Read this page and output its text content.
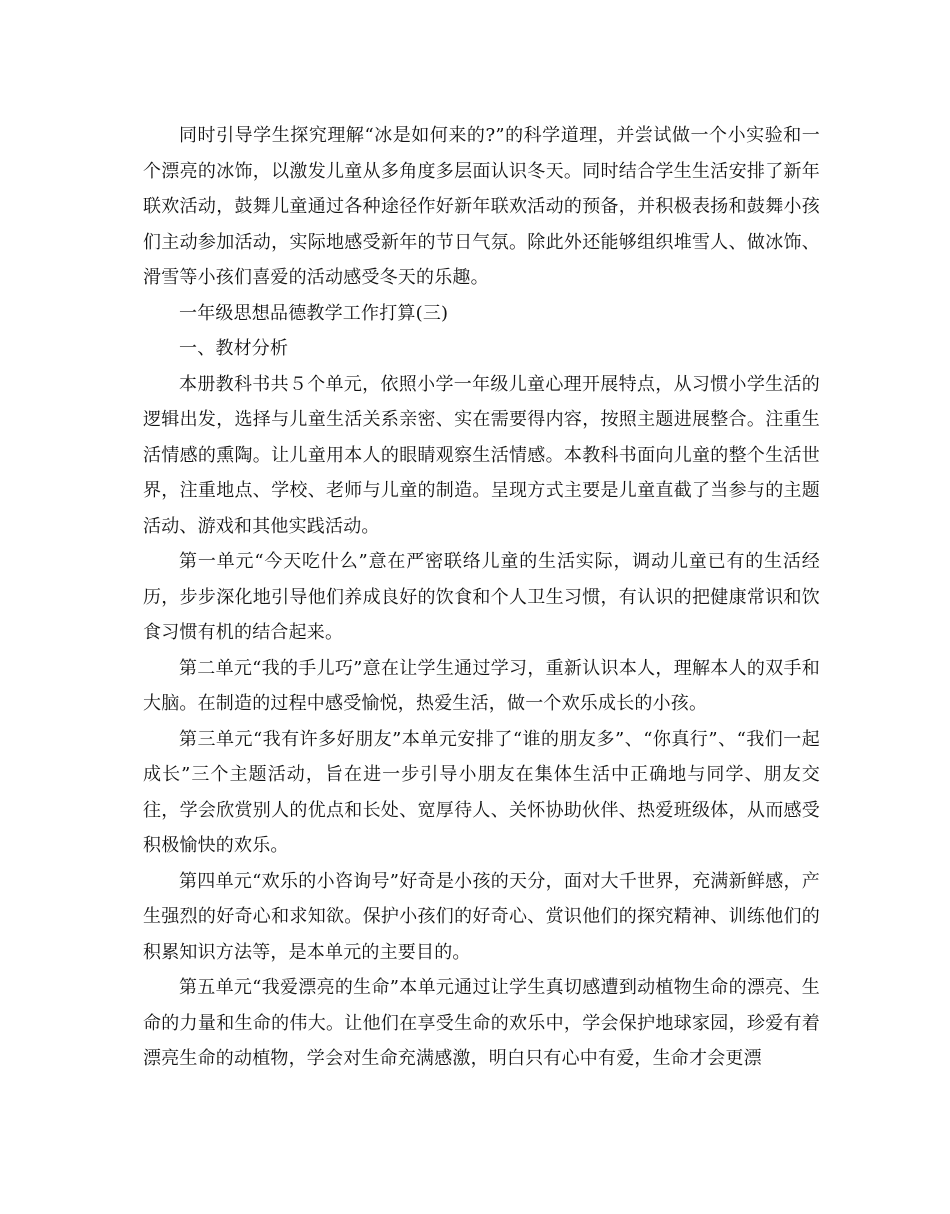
同时引导学生探究理解“冰是如何来的?”的科学道理，并尝试做一个小实验和一个漂亮的冰饰，以激发儿童从多角度多层面认识冬天。同时结合学生生活安排了新年联欢活动，鼓舞儿童通过各种途径作好新年联欢活动的预备，并积极表扬和鼓舞小孩们主动参加活动，实际地感受新年的节日气氛。除此外还能够组织堆雪人、做冰饰、滑雪等小孩们喜爱的活动感受冬天的乐趣。

一年级思想品德教学工作打算(三)

一、教材分析

本册教科书共５个单元，依照小学一年级儿童心理开展特点，从习惯小学生活的逻辑出发，选择与儿童生活关系亲密、实在需要得内容，按照主题进展整合。注重生活情感的熏陶。让儿童用本人的眼睛观察生活情感。本教科书面向儿童的整个生活世界，注重地点、学校、老师与儿童的制造。呈现方式主要是儿童直截了当参与的主题活动、游戏和其他实践活动。

第一单元“今天吃什么”意在严密联络儿童的生活实际，调动儿童已有的生活经历，步步深化地引导他们养成良好的饮食和个人卫生习惯，有认识的把健康常识和饮食习惯有机的结合起来。

第二单元“我的手儿巧”意在让学生通过学习，重新认识本人，理解本人的双手和大脑。在制造的过程中感受愉悦，热爱生活，做一个欢乐成长的小孩。

第三单元“我有许多好朋友”本单元安排了“谁的朋友多”、“你真行”、“我们一起成长”三个主题活动，旨在进一步引导小朋友在集体生活中正确地与同学、朋友交往，学会欣赏别人的优点和长处、宽厚待人、关怀协助伙伴、热爱班级体，从而感受积极愉快的欢乐。

第四单元“欢乐的小咨询号”好奇是小孩的天分，面对大千世界，充满新鲜感，产生强烈的好奇心和求知欲。保护小孩们的好奇心、赏识他们的探究精神、训练他们的积累知识方法等，是本单元的主要目的。

第五单元“我爱漂亮的生命”本单元通过让学生真切感遭到动植物生命的漂亮、生命的力量和生命的伟大。让他们在享受生命的欢乐中，学会保护地球家园，珍爱有着漂亮生命的动植物，学会对生命充满感激，明白只有心中有爱，生命才会更漂
